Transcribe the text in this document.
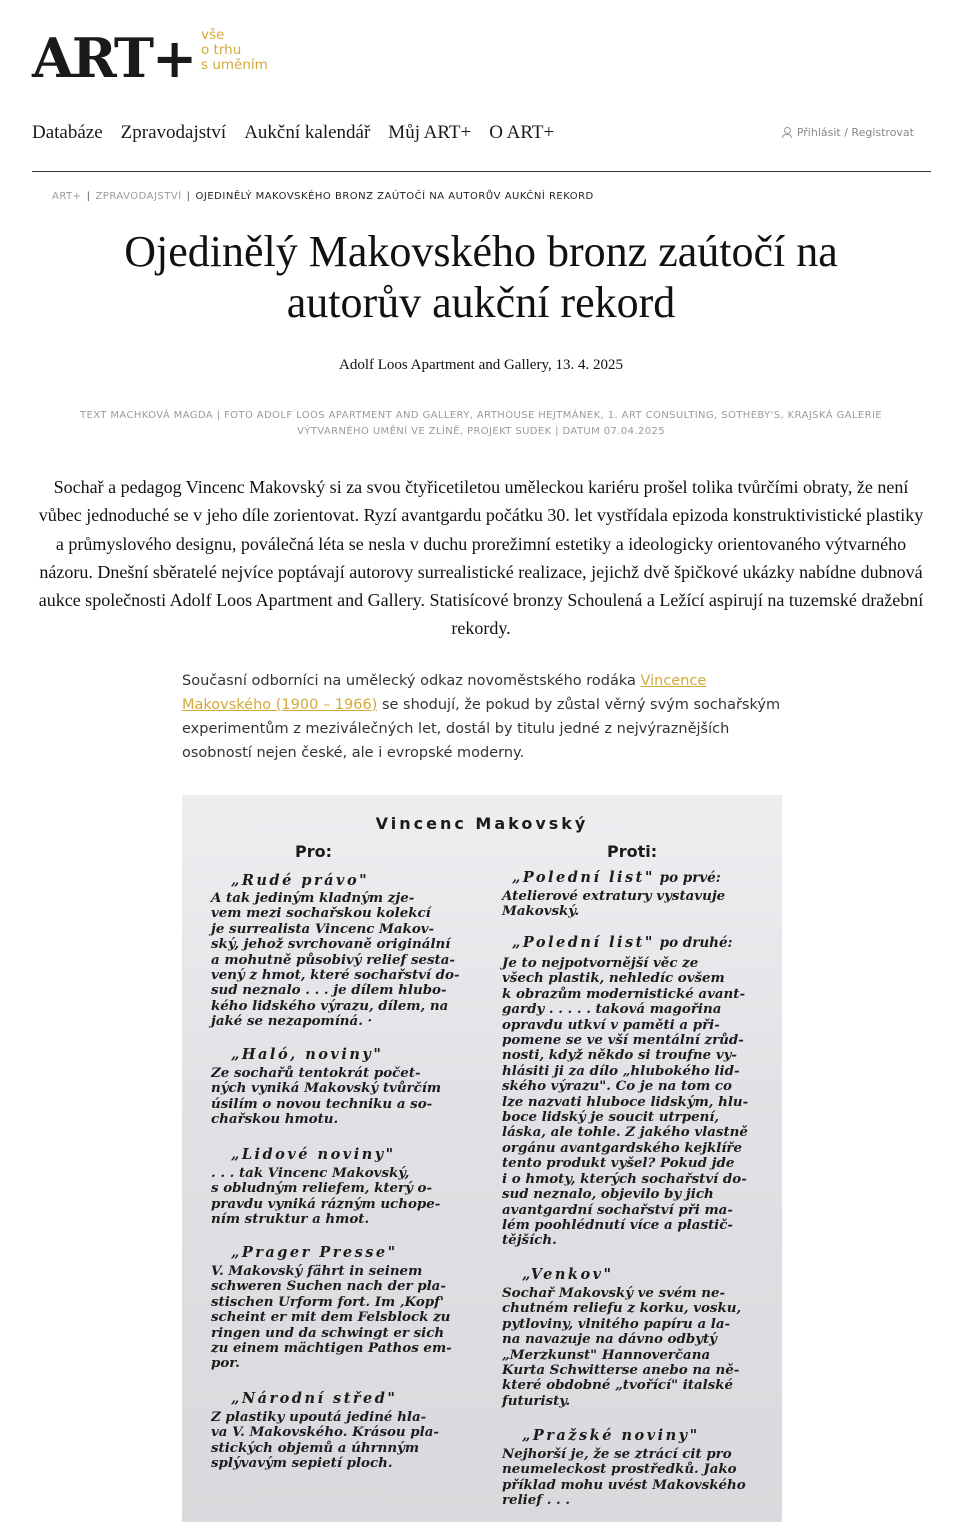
ART+ vše
o trhu
s uměním
Databáze Zpravodajství Aukční kalendář Můj ART+ O ART+	Přihlásit / Registrovat
ART+ | ZPRAVODAJSTVÍ | OJEDINĚLÝ MAKOVSKÉHO BRONZ ZAÚTOČÍ NA AUTORŮV AUKČNÍ REKORD
Ojedinělý Makovského bronz zaútočí na
autorův aukční rekord
Adolf Loos Apartment and Gallery, 13. 4. 2025
TEXT MACHKOVÁ MAGDA | FOTO ADOLF LOOS APARTMENT AND GALLERY, ARTHOUSE HEJTMÁNEK, 1. ART CONSULTING, SOTHEBY'S, KRAJSKÁ GALERIE
VÝTVARNÉHO UMĚNÍ VE ZLÍNĚ, PROJEKT SUDEK | DATUM 07.04.2025

Sochař a pedagog Vincenc Makovský si za svou čtyřicetiletou uměleckou kariéru prošel tolika tvůrčími obraty, že není vůbec jednoduché se v jeho díle zorientovat. Ryzí avantgardu počátku 30. let vystřídala epizoda konstruktivistické plastiky a průmyslového designu, poválečná léta se nesla v duchu prorežimní estetiky a ideologicky orientovaného výtvarného názoru. Dnešní sběratelé nejvíce poptávají autorovy surrealistické realizace, jejichž dvě špičkové ukázky nabídne dubnová aukce společnosti Adolf Loos Apartment and Gallery. Statisícové bronzy Schoulená a Ležící aspirují na tuzemské dražební rekordy.

Současní odborníci na umělecký odkaz novoměstského rodáka Vincence Makovského (1900 – 1966) se shodují, že pokud by zůstal věrný svým sochařským experimentům z meziválečných let, dostál by titulu jedné z nejvýraznějších osobností nejen české, ale i evropské moderny.

Vincenc Makovský
Pro:	Proti:
„Rudé právo"
A tak jediným kladným zje-
vem mezi sochařskou kolekcí
je surrealista Vincenc Makov-
ský, jehož svrchovaně originální
a mohutně působivý relief sesta-
vený z hmot, které sochařství do-
sud neznalo . . . je dílem hlubo-
kého lidského výrazu, dílem, na
jaké se nezapomíná. ·
„Haló, noviny"
Ze sochařů tentokrát počet-
ných vyniká Makovský tvůrčím
úsilím o novou techniku a so-
chařskou hmotu.
„Lidové noviny"
. . . tak Vincenc Makovský,
s obludným reliefem, který o-
pravdu vyniká rázným uchope-
ním struktur a hmot.
„Prager Presse"
V. Makovský fährt in seinem
schweren Suchen nach der pla-
stischen Urform fort. Im ‚Kopf'
scheint er mit dem Felsblock zu
ringen und da schwingt er sich
zu einem mächtigen Pathos em-
por.
„Národní střed"
Z plastiky upoutá jediné hla-
va V. Makovského. Krásou pla-
stických objemů a úhrnným
splývavým sepietí ploch.
„Polední list" po prvé:
Atelierové extratury vystavuje
Makovský.
„Polední list" po druhé:
Je to nejpotvornější věc ze
všech plastik, nehledíc ovšem
k obrazům modernistické avant-
gardy . . . . . taková magořina
opravdu utkví v paměti a při-
pomene se ve vší mentální zrůd-
nosti, když někdo si troufne vy-
hlásiti ji za dílo „hlubokého lid-
ského výrazu". Co je na tom co
lze nazvati hluboce lidským, hlu-
boce lidský je soucit utrpení,
láska, ale tohle. Z jakého vlastně
orgánu avantgardského kejklíře
tento produkt vyšel? Pokud jde
i o hmoty, kterých sochařství do-
sud neznalo, objevilo by jich
avantgardní sochařství při ma-
lém poohlédnutí více a plastič-
tějších.
„Venkov"
Sochař Makovský ve svém ne-
chutném reliefu z korku, vosku,
pytloviny, vlnitého papíru a la-
na navazuje na dávno odbytý
„Merzkunst" Hannoverčana
Kurta Schwitterse anebo na ně-
které obdobné „tvořící" italské
futuristy.
„Pražské noviny"
Nejhorší je, že se ztrácí cit pro
neumeleckost prostředků. Jako
příklad mohu uvést Makovského
relief . . .
